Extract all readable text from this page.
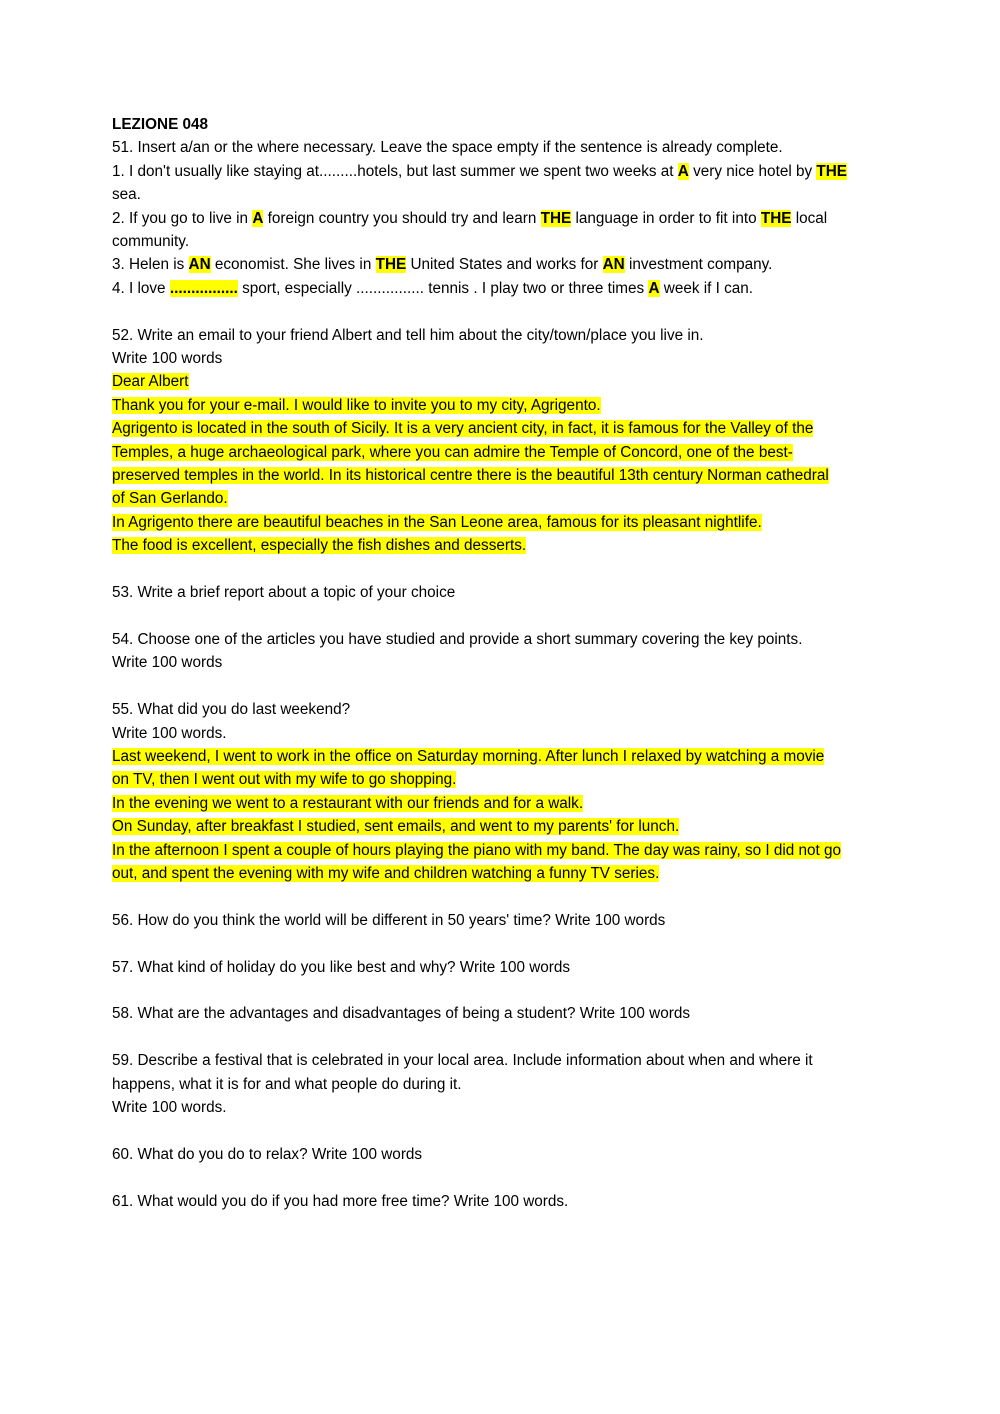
LEZIONE 048
51. Insert a/an or the where necessary. Leave the space empty if the sentence is already complete.
1. I don't usually like staying at.........hotels, but last summer we spent two weeks at A very nice hotel by THE
sea.
2. If you go to live in A foreign country you should try and learn THE language in order to fit into THE local
community.
3. Helen is AN economist. She lives in THE United States and works for AN investment company.
4. I love ................ sport, especially ................ tennis . I play two or three times A week if I can.
52. Write an email to your friend Albert and tell him about the city/town/place you live in.
Write 100 words
Dear Albert
Thank you for your e-mail. I would like to invite you to my city, Agrigento.
Agrigento is located in the south of Sicily. It is a very ancient city, in fact, it is famous for the Valley of the
Temples, a huge archaeological park, where you can admire the Temple of Concord, one of the best-
preserved temples in the world. In its historical centre there is the beautiful 13th century Norman cathedral
of San Gerlando.
In Agrigento there are beautiful beaches in the San Leone area, famous for its pleasant nightlife.
The food is excellent, especially the fish dishes and desserts.
53. Write a brief report about a topic of your choice
54. Choose one of the articles you have studied and provide a short summary covering the key points.
Write 100 words
55. What did you do last weekend?
Write 100 words.
Last weekend, I went to work in the office on Saturday morning. After lunch I relaxed by watching a movie
on TV, then I went out with my wife to go shopping.
In the evening we went to a restaurant with our friends and for a walk.
On Sunday, after breakfast I studied, sent emails, and went to my parents' for lunch.
In the afternoon I spent a couple of hours playing the piano with my band. The day was rainy, so I did not go
out, and spent the evening with my wife and children watching a funny TV series.
56. How do you think the world will be different in 50 years' time? Write 100 words
57. What kind of holiday do you like best and why? Write 100 words
58. What are the advantages and disadvantages of being a student? Write 100 words
59. Describe a festival that is celebrated in your local area. Include information about when and where it
happens, what it is for and what people do during it.
Write 100 words.
60. What do you do to relax? Write 100 words
61. What would you do if you had more free time? Write 100 words.
